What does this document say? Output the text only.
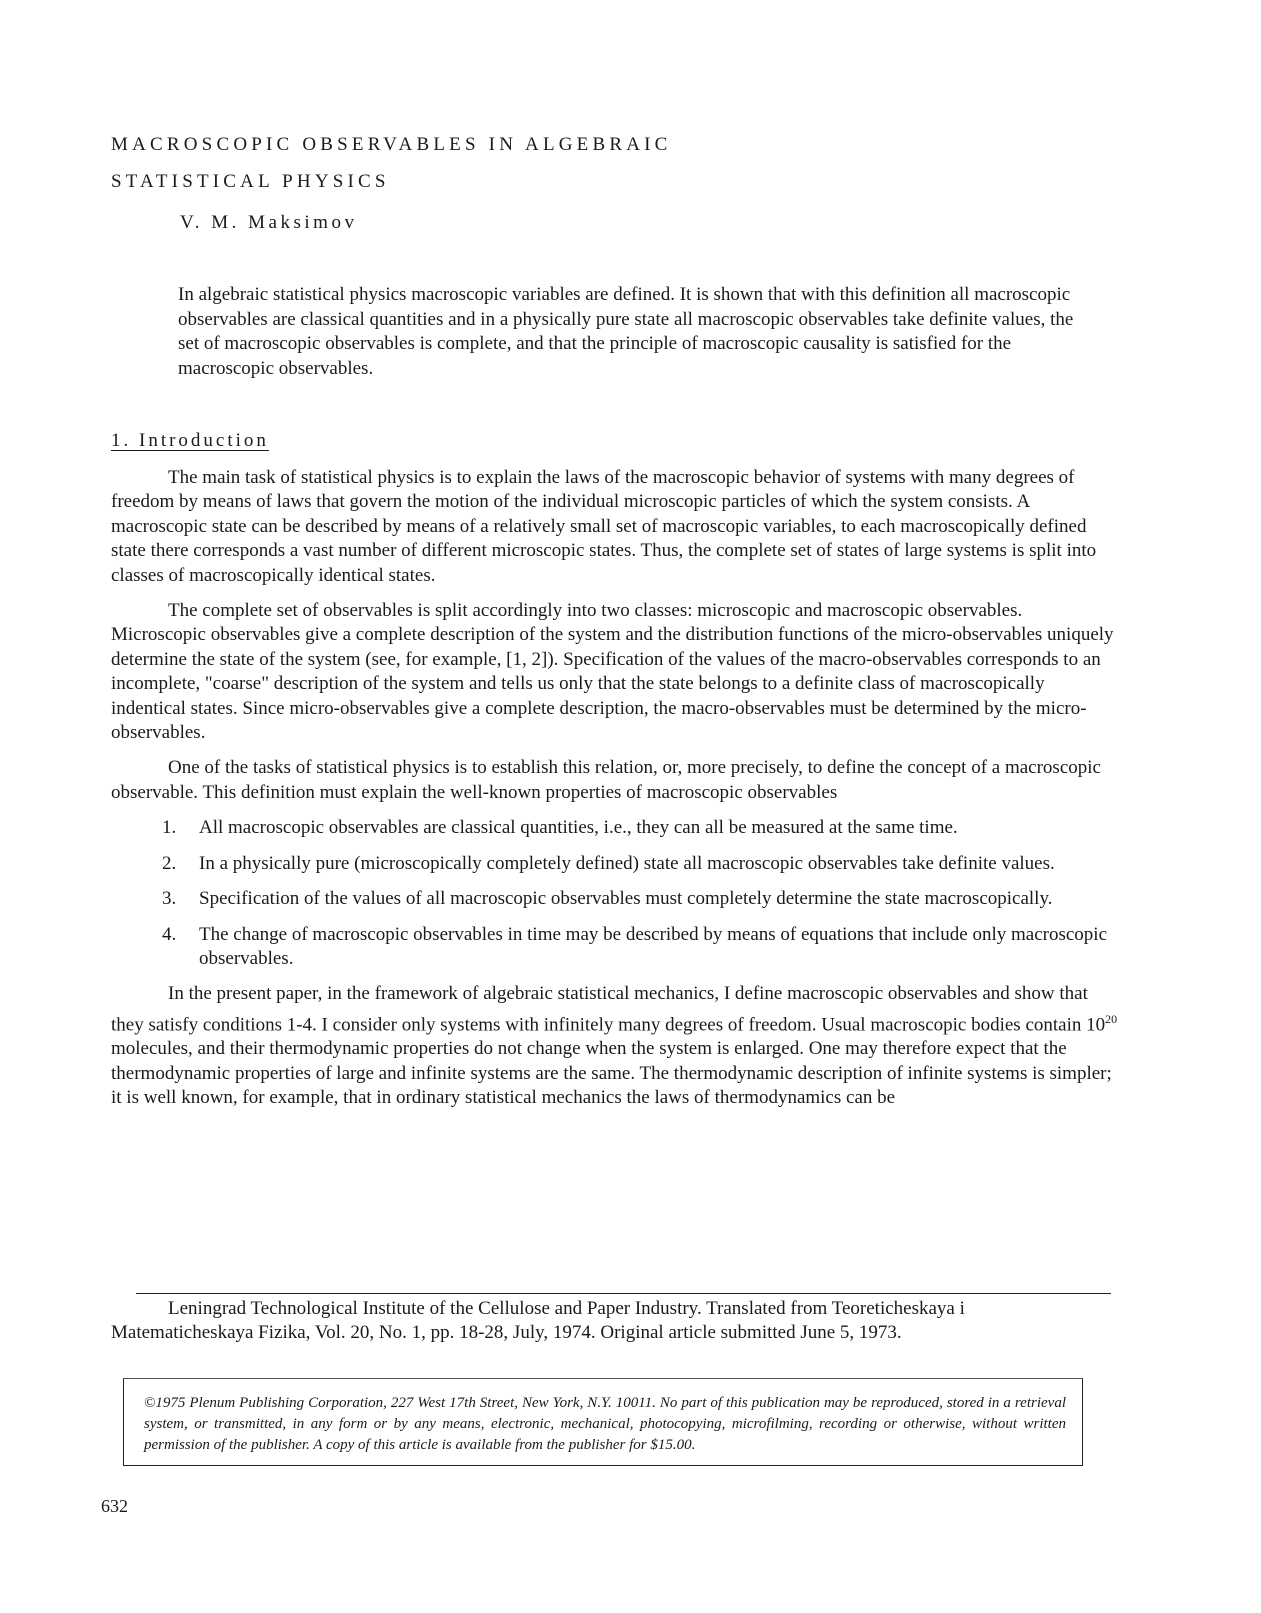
MACROSCOPIC OBSERVABLES IN ALGEBRAIC
STATISTICAL PHYSICS
V. M. Maksimov
In algebraic statistical physics macroscopic variables are defined. It is shown that with this definition all macroscopic observables are classical quantities and in a physically pure state all macroscopic observables take definite values, the set of macroscopic observables is complete, and that the principle of macroscopic causality is satisfied for the macroscopic observables.
1. Introduction

The main task of statistical physics is to explain the laws of the macroscopic behavior of systems with many degrees of freedom by means of laws that govern the motion of the individual microscopic particles of which the system consists. A macroscopic state can be described by means of a relatively small set of macroscopic variables, to each macroscopically defined state there corresponds a vast number of different microscopic states. Thus, the complete set of states of large systems is split into classes of macroscopically identical states.

The complete set of observables is split accordingly into two classes: microscopic and macroscopic observables. Microscopic observables give a complete description of the system and the distribution functions of the micro-observables uniquely determine the state of the system (see, for example, [1, 2]). Specification of the values of the macro-observables corresponds to an incomplete, "coarse" description of the system and tells us only that the state belongs to a definite class of macroscopically indentical states. Since micro-observables give a complete description, the macro-observables must be determined by the micro-observables.

One of the tasks of statistical physics is to establish this relation, or, more precisely, to define the concept of a macroscopic observable. This definition must explain the well-known properties of macroscopic observables

1. All macroscopic observables are classical quantities, i.e., they can all be measured at the same time.
2. In a physically pure (microscopically completely defined) state all macroscopic observables take definite values.
3. Specification of the values of all macroscopic observables must completely determine the state macroscopically.
4. The change of macroscopic observables in time may be described by means of equations that include only macroscopic observables.

In the present paper, in the framework of algebraic statistical mechanics, I define macroscopic observables and show that they satisfy conditions 1-4. I consider only systems with infinitely many degrees of freedom. Usual macroscopic bodies contain $10^{20}$ molecules, and their thermodynamic properties do not change when the system is enlarged. One may therefore expect that the thermodynamic properties of large and infinite systems are the same. The thermodynamic description of infinite systems is simpler; it is well known, for example, that in ordinary statistical mechanics the laws of thermodynamics can be

Leningrad Technological Institute of the Cellulose and Paper Industry. Translated from Teoreticheskaya i Matematicheskaya Fizika, Vol. 20, No. 1, pp. 18-28, July, 1974. Original article submitted June 5, 1973.
©1975 Plenum Publishing Corporation, 227 West 17th Street, New York, N.Y. 10011. No part of this publication may be reproduced, stored in a retrieval system, or transmitted, in any form or by any means, electronic, mechanical, photocopying, microfilming, recording or otherwise, without written permission of the publisher. A copy of this article is available from the publisher for $15.00.
632
